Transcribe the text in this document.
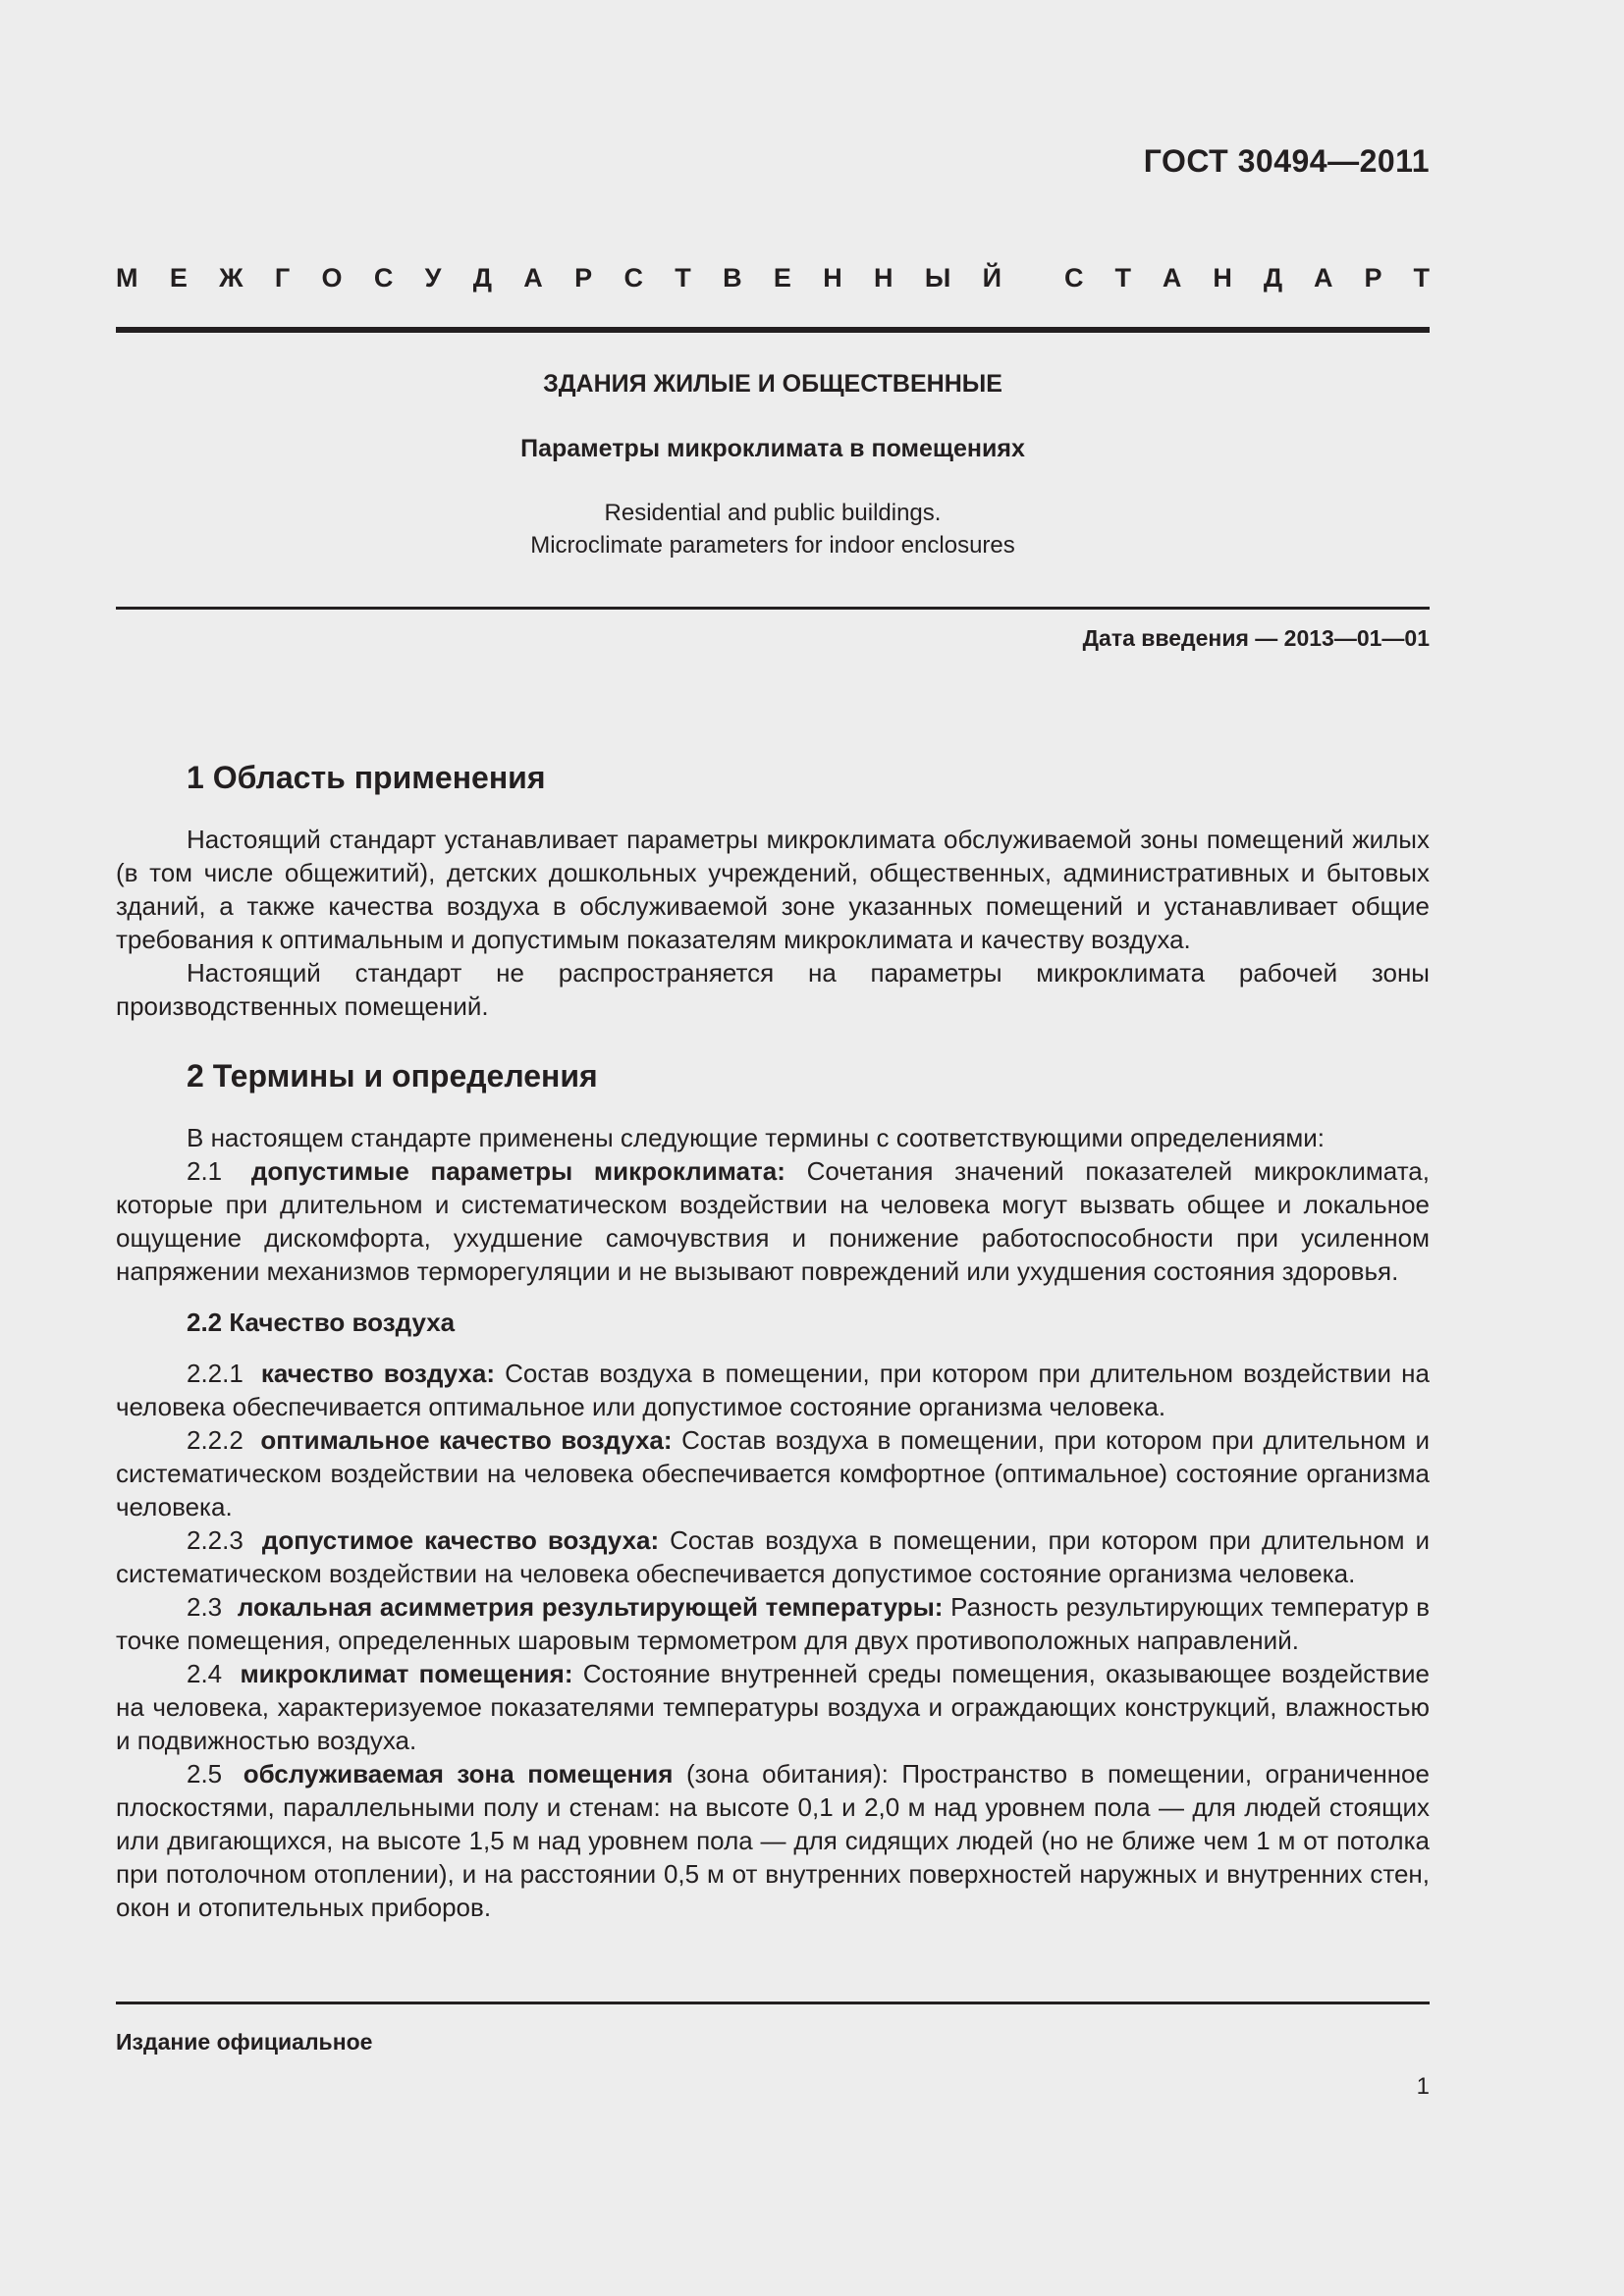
ГОСТ 30494—2011
М Е Ж Г О С У Д А Р С Т В Е Н Н Ы Й С Т А Н Д А Р Т
ЗДАНИЯ ЖИЛЫЕ И ОБЩЕСТВЕННЫЕ
Параметры микроклимата в помещениях
Residential and public buildings.
Microclimate parameters for indoor enclosures
Дата введения — 2013—01—01
1 Область применения

Настоящий стандарт устанавливает параметры микроклимата обслуживаемой зоны помещений жилых (в том числе общежитий), детских дошкольных учреждений, общественных, административных и бытовых зданий, а также качества воздуха в обслуживаемой зоне указанных помещений и устанавливает общие требования к оптимальным и допустимым показателям микроклимата и качеству воздуха.

Настоящий стандарт не распространяется на параметры микроклимата рабочей зоны производственных помещений.

2 Термины и определения

В настоящем стандарте применены следующие термины с соответствующими определениями:

2.1 допустимые параметры микроклимата: Сочетания значений показателей микроклимата, которые при длительном и систематическом воздействии на человека могут вызвать общее и локальное ощущение дискомфорта, ухудшение самочувствия и понижение работоспособности при усиленном напряжении механизмов терморегуляции и не вызывают повреждений или ухудшения состояния здоровья.

2.2 Качество воздуха

2.2.1 качество воздуха: Состав воздуха в помещении, при котором при длительном воздействии на человека обеспечивается оптимальное или допустимое состояние организма человека.

2.2.2 оптимальное качество воздуха: Состав воздуха в помещении, при котором при длительном и систематическом воздействии на человека обеспечивается комфортное (оптимальное) состояние организма человека.

2.2.3 допустимое качество воздуха: Состав воздуха в помещении, при котором при длительном и систематическом воздействии на человека обеспечивается допустимое состояние организма человека.

2.3 локальная асимметрия результирующей температуры: Разность результирующих температур в точке помещения, определенных шаровым термометром для двух противоположных направлений.

2.4 микроклимат помещения: Состояние внутренней среды помещения, оказывающее воздействие на человека, характеризуемое показателями температуры воздуха и ограждающих конструкций, влажностью и подвижностью воздуха.

2.5 обслуживаемая зона помещения (зона обитания): Пространство в помещении, ограниченное плоскостями, параллельными полу и стенам: на высоте 0,1 и 2,0 м над уровнем пола — для людей стоящих или двигающихся, на высоте 1,5 м над уровнем пола — для сидящих людей (но не ближе чем 1 м от потолка при потолочном отоплении), и на расстоянии 0,5 м от внутренних поверхностей наружных и внутренних стен, окон и отопительных приборов.

Издание официальное
1
